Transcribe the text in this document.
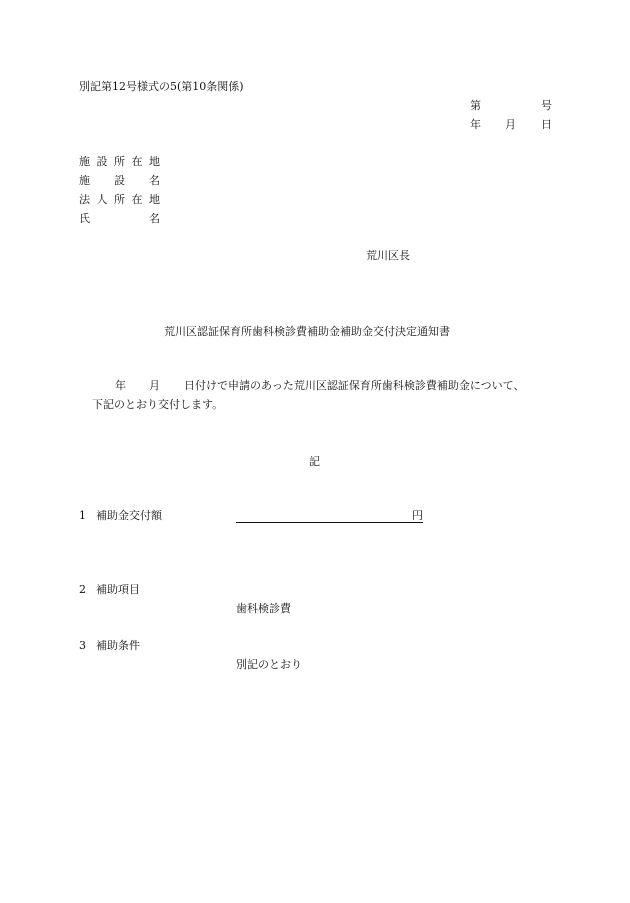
別記第12号様式の5(第10条関係)
第	号
年 月 日
施 設 所 在 地
施 設 名
法 人 所 在 地
氏	名
荒川区長
荒川区認証保育所歯科検診費補助金補助金交付決定通知書
年 月 日付けで申請のあった荒川区認証保育所歯科検診費補助金について、
下記のとおり交付します。
記
1 補助金交付額	円
2 補助項目
歯科検診費
3 補助条件
別記のとおり
